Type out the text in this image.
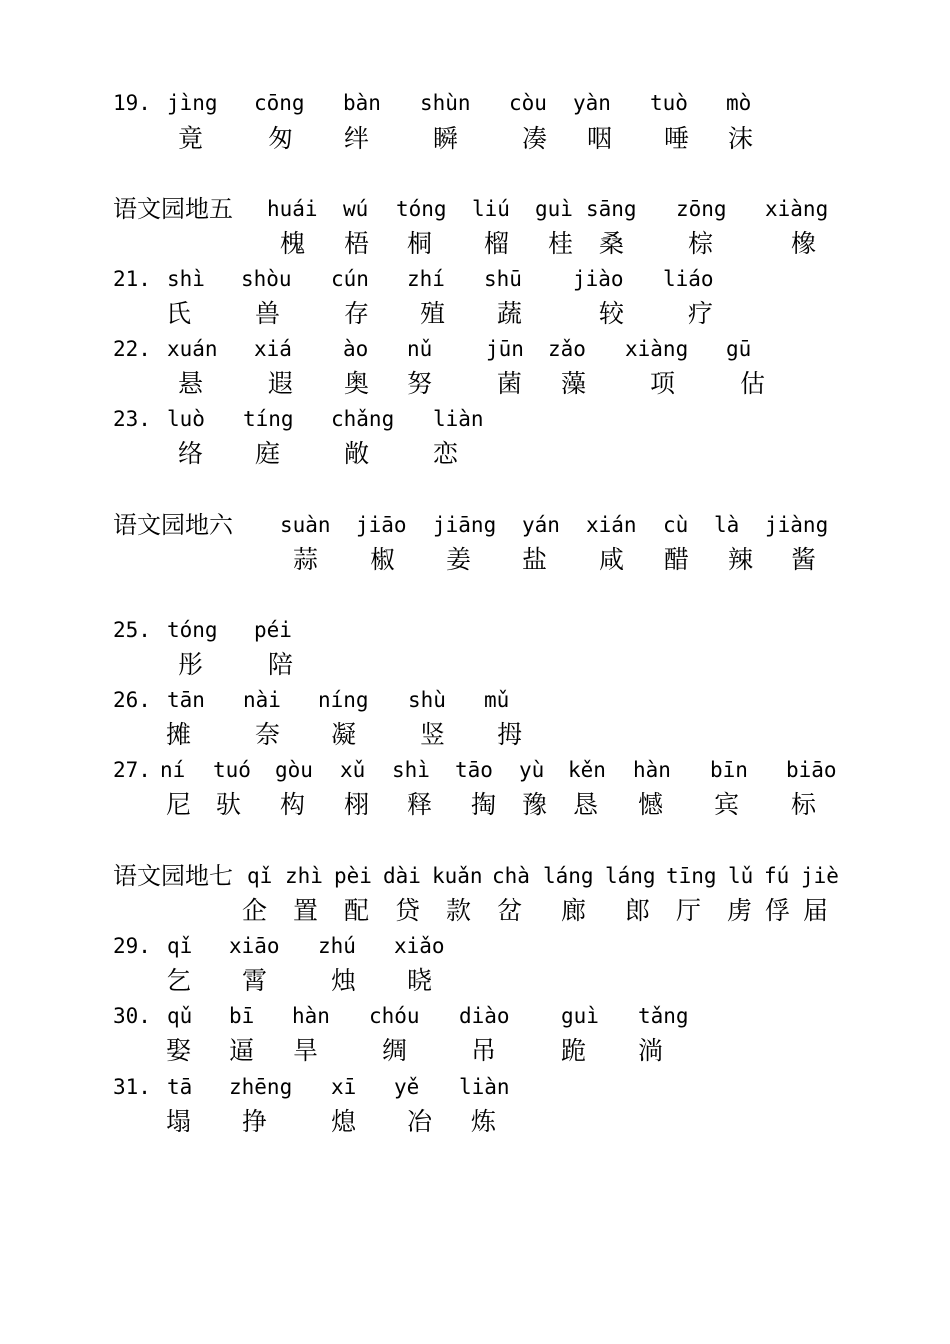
19. jìng cōng bàn shùn còu yàn tuò mò
竟	匆 绊	瞬	凑 咽 唾 沫
语文园地五 huái wú tóng liú guì sāng zōng xiàng
槐 梧 桐 榴 桂 桑	棕	橡
21. shì shòu cún zhí shū jiào liáo
氏	兽	存 殖 蔬	较	疗
22. xuán xiá ào nǔ	jūn zǎo xiàng gū
悬	遐 奥 努	菌 藻	项	估
23. luò tíng chǎng liàn
络 庭	敞	恋
语文园地六 suàn jiāo jiāng yán xián cù là jiàng
蒜 椒 姜 盐 咸 醋 辣 酱
25. tóng péi
彤	陪
26. tān nài níng shù mǔ
摊	奈 凝	竖 拇
27. ní tuó gòu xǔ shì tāo yù kěn hàn bīn biāo
尼 驮 构 栩 释 掏 豫 恳 憾 宾 标
语文园地七 qǐ zhì pèi dài kuǎn chà láng láng tīng lǔ fú jiè
企 置 配 贷 款 岔 廊 郎 厅 虏 俘 届
29. qǐ xiāo zhú xiǎo
乞 霄	烛 晓
30. qǔ bī hàn chóu diào guì tǎng
娶 逼 旱	绸	吊	跪 淌
31. tā zhēng xī yě liàn
塌 挣	熄 冶 炼
